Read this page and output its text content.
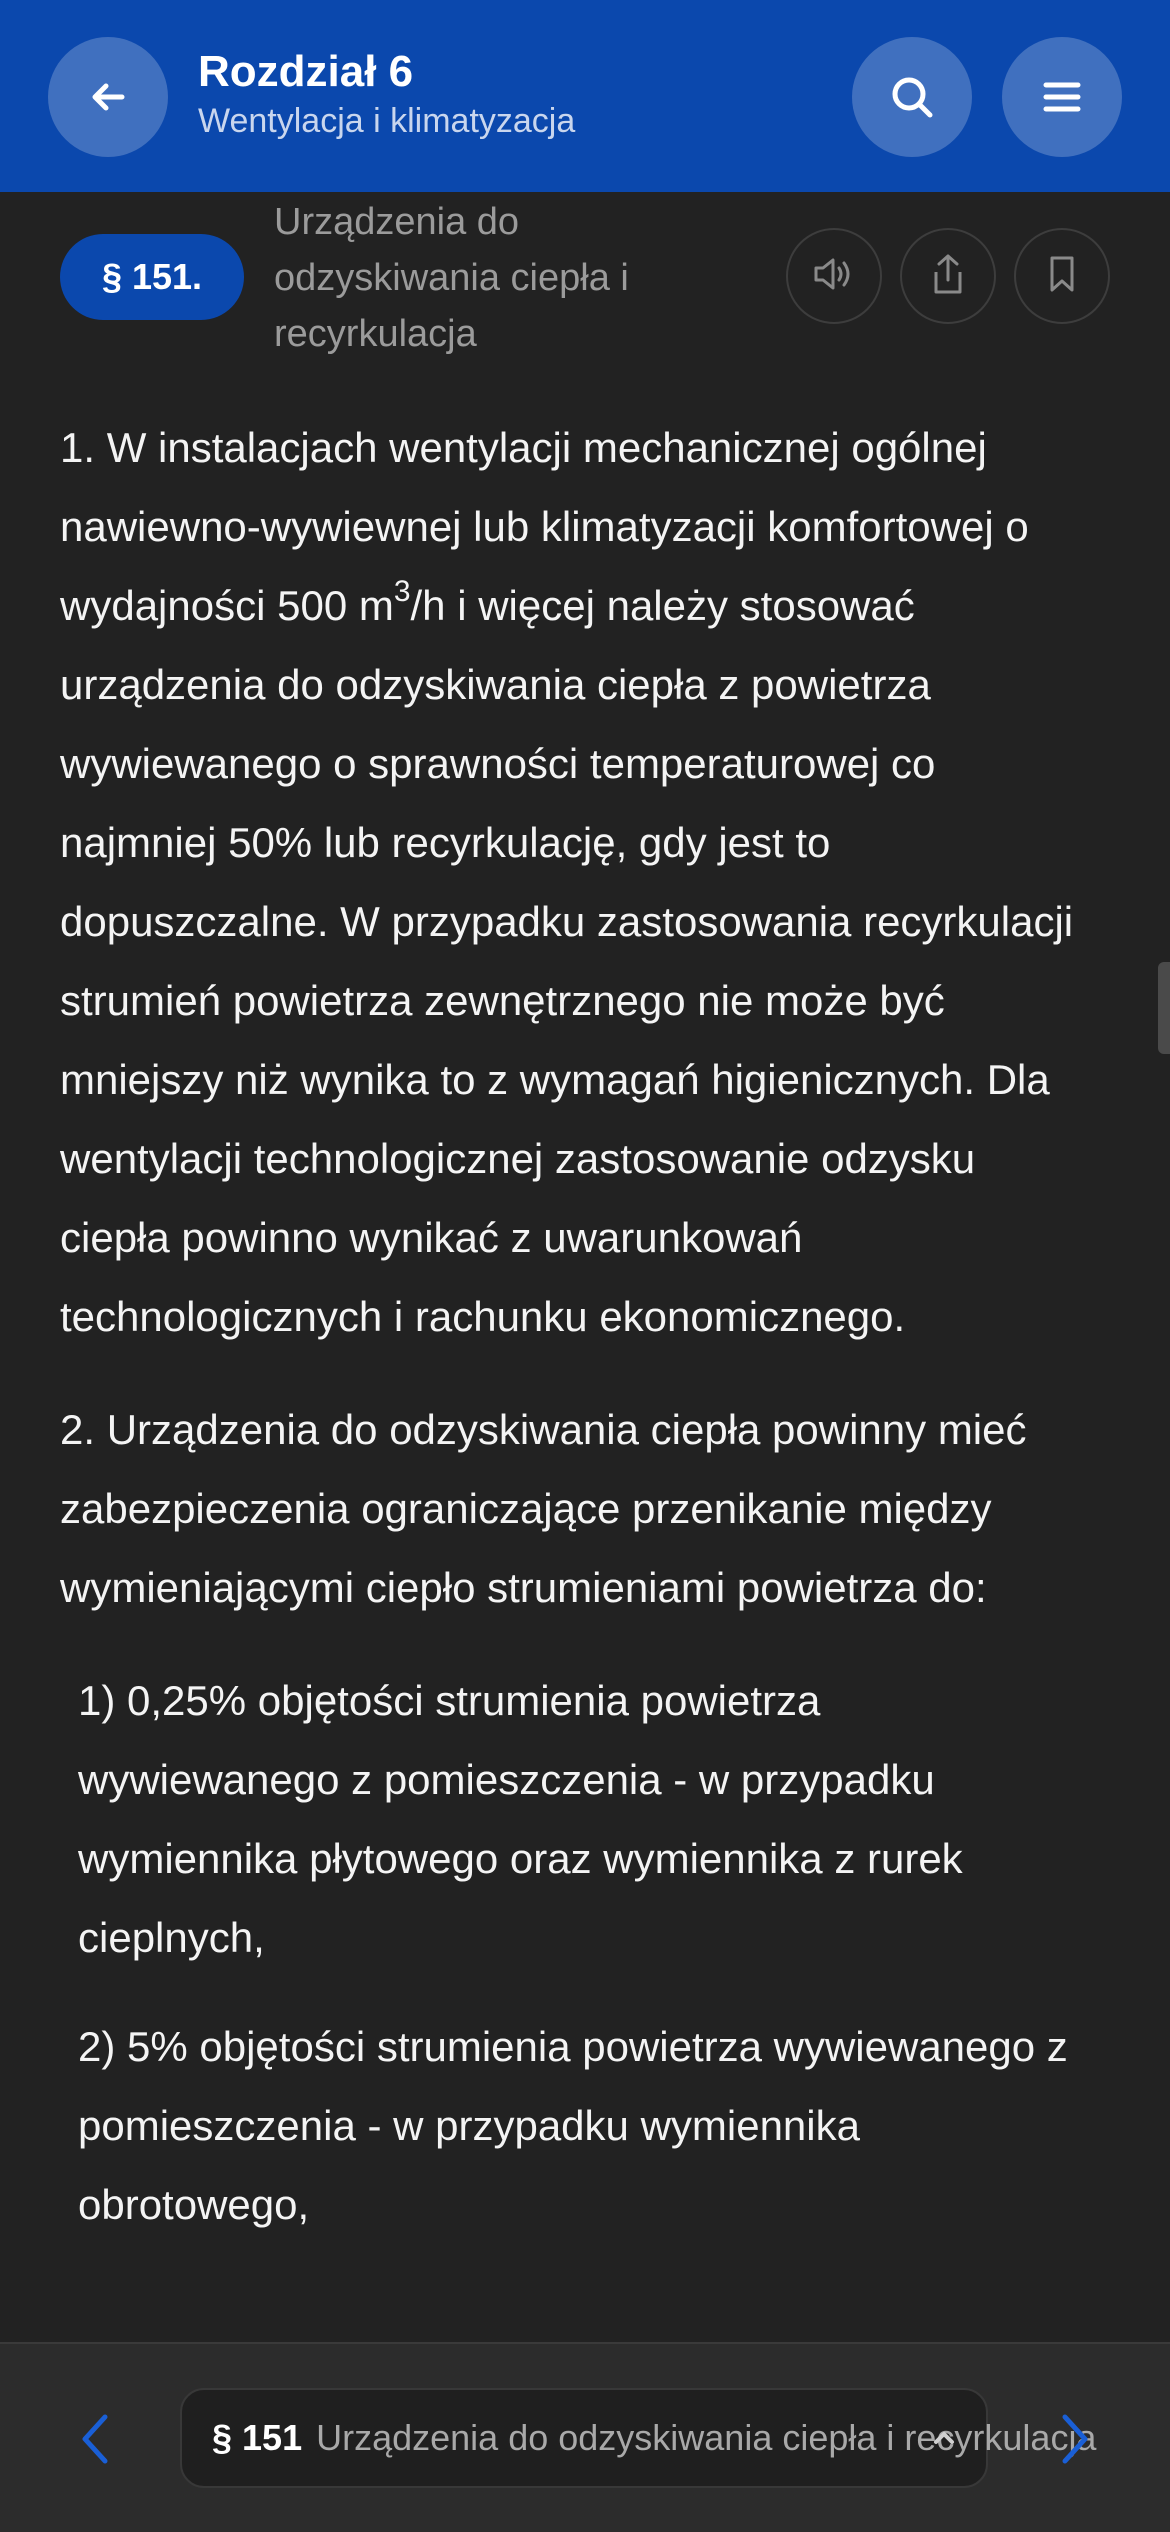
Rozdział 6
Wentylacja i klimatyzacja
§ 151.
Urządzenia do odzyskiwania ciepła i recyrkulacja

1. W instalacjach wentylacji mechanicznej ogólnej nawiewno-wywiewnej lub klimatyzacji komfortowej o wydajności 500 $m^3/h$ i więcej należy stosować urządzenia do odzyskiwania ciepła z powietrza wywiewanego o sprawności temperaturowej co najmniej 50% lub recyrkulację, gdy jest to dopuszczalne. W przypadku zastosowania recyrkulacji strumień powietrza zewnętrznego nie może być mniejszy niż wynika to z wymagań higienicznych. Dla wentylacji technologicznej zastosowanie odzysku ciepła powinno wynikać z uwarunkowań technologicznych i rachunku ekonomicznego.

2. Urządzenia do odzyskiwania ciepła powinny mieć zabezpieczenia ograniczające przenikanie między wymieniającymi ciepło strumieniami powietrza do:

1) 0,25% objętości strumienia powietrza wywiewanego z pomieszczenia - w przypadku wymiennika płytowego oraz wymiennika z rurek cieplnych,

2) 5% objętości strumienia powietrza wywiewanego z pomieszczenia - w przypadku wymiennika obrotowego,

§ 151 Urządzenia do odzyskiwania ciepła i recyrkulacja
